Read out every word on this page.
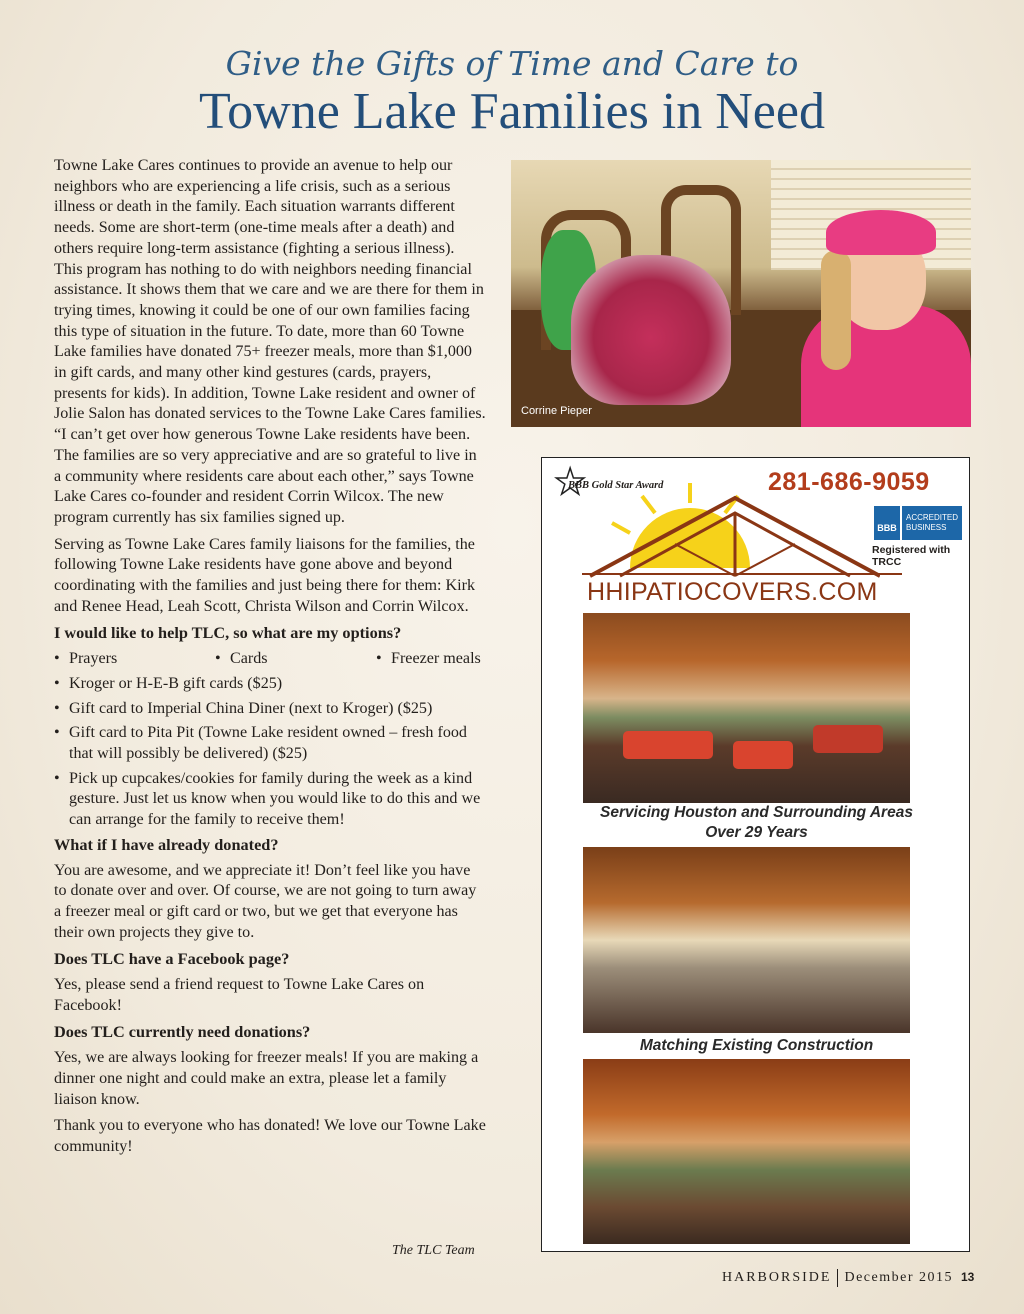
Give the Gifts of Time and Care to
Towne Lake Families in Need

Towne Lake Cares continues to provide an avenue to help our neighbors who are experiencing a life crisis, such as a serious illness or death in the family. Each situation warrants different needs. Some are short-term (one-time meals after a death) and others require long-term assistance (fighting a serious illness). This program has nothing to do with neighbors needing financial assistance. It shows them that we care and we are there for them in trying times, knowing it could be one of our own families facing this type of situation in the future. To date, more than 60 Towne Lake families have donated 75+ freezer meals, more than $1,000 in gift cards, and many other kind gestures (cards, prayers, presents for kids). In addition, Towne Lake resident and owner of Jolie Salon has donated services to the Towne Lake Cares families. “I can’t get over how generous Towne Lake residents have been. The families are so very appreciative and are so grateful to live in a community where residents care about each other,” says Towne Lake Cares co-founder and resident Corrin Wilcox. The new program currently has six families signed up.

Serving as Towne Lake Cares family liaisons for the families, the following Towne Lake residents have gone above and beyond coordinating with the families and just being there for them: Kirk and Renee Head, Leah Scott, Christa Wilson and Corrin Wilcox.

I would like to help TLC, so what are my options?
• Prayers	• Cards	• Freezer meals
• Kroger or H-E-B gift cards ($25)
• Gift card to Imperial China Diner (next to Kroger) ($25)
• Gift card to Pita Pit (Towne Lake resident owned – fresh food that will possibly be delivered) ($25)
• Pick up cupcakes/cookies for family during the week as a kind gesture. Just let us know when you would like to do this and we can arrange for the family to receive them!
What if I have already donated?

You are awesome, and we appreciate it! Don’t feel like you have to donate over and over. Of course, we are not going to turn away a freezer meal or gift card or two, but we get that everyone has their own projects they give to.

Does TLC have a Facebook page?

Yes, please send a friend request to Towne Lake Cares on Facebook!

Does TLC currently need donations?

Yes, we are always looking for freezer meals! If you are making a dinner one night and could make an extra, please let a family liaison know.

Thank you to everyone who has donated! We love our Towne Lake community!

The TLC Team
Corrine Pieper
★
BBB Gold Star Award	281-686-9059
BBB
ACCREDITED
BUSINESS
Registered with TRCC
HHIPATIOCOVERS.COM
Servicing Houston and Surrounding Areas
Over 29 Years
Matching Existing Construction
HARBORSIDE December 2015 13
